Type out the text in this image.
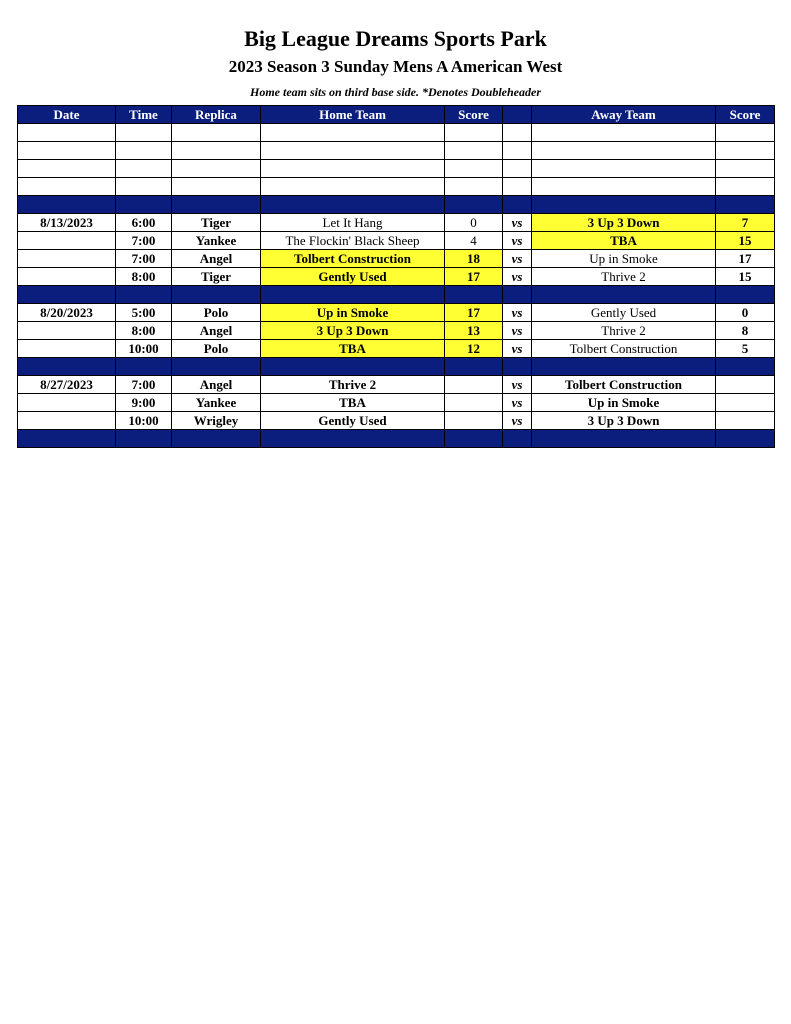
Big League Dreams Sports Park
2023 Season 3 Sunday Mens A American West
Home team sits on third base side. *Denotes Doubleheader
Date	Time	Replica	Home Team	Score		Away Team	Score

8/13/2023	6:00	Tiger	Let It Hang	0	vs	3 Up 3 Down	7
	7:00	Yankee	The Flockin' Black Sheep	4	vs	TBA	15
	7:00	Angel	Tolbert Construction	18	vs	Up in Smoke	17
	8:00	Tiger	Gently Used	17	vs	Thrive 2	15

8/20/2023	5:00	Polo	Up in Smoke	17	vs	Gently Used	0
	8:00	Angel	3 Up 3 Down	13	vs	Thrive 2	8
	10:00	Polo	TBA	12	vs	Tolbert Construction	5

8/27/2023	7:00	Angel	Thrive 2		vs	Tolbert Construction	
	9:00	Yankee	TBA		vs	Up in Smoke	
	10:00	Wrigley	Gently Used		vs	3 Up 3 Down	
